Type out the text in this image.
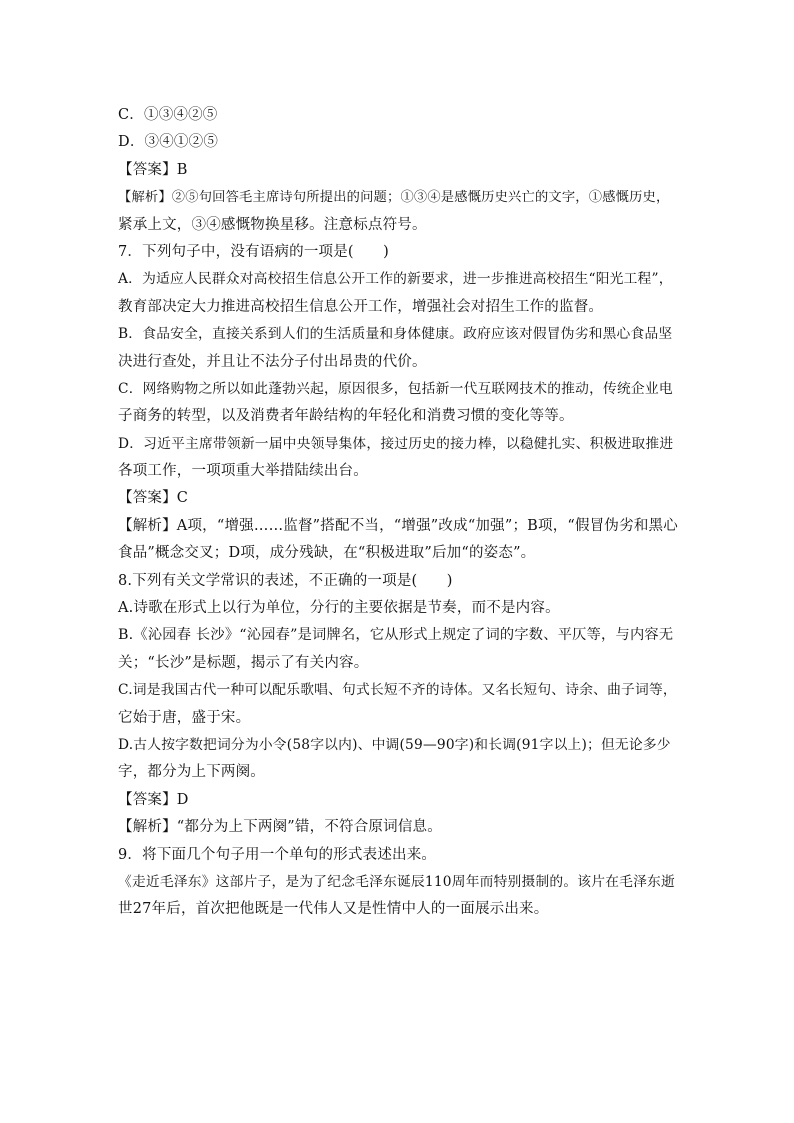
C．①③④②⑤
D．③④①②⑤
【答案】B
【解析】②⑤句回答毛主席诗句所提出的问题；①③④是感慨历史兴亡的文字，①感慨历史，
紧承上文，③④感慨物换星移。注意标点符号。
7．下列句子中，没有语病的一项是(　　)
A．为适应人民群众对高校招生信息公开工作的新要求，进一步推进高校招生“阳光工程”，
教育部决定大力推进高校招生信息公开工作，增强社会对招生工作的监督。
B．食品安全，直接关系到人们的生活质量和身体健康。政府应该对假冒伪劣和黑心食品坚
决进行查处，并且让不法分子付出昂贵的代价。
C．网络购物之所以如此蓬勃兴起，原因很多，包括新一代互联网技术的推动，传统企业电
子商务的转型，以及消费者年龄结构的年轻化和消费习惯的变化等等。
D．习近平主席带领新一届中央领导集体，接过历史的接力棒，以稳健扎实、积极进取推进
各项工作，一项项重大举措陆续出台。
【答案】C
【解析】A项，“增强……监督”搭配不当，“增强”改成“加强”；B项，“假冒伪劣和黑心
食品”概念交叉；D项，成分残缺，在“积极进取”后加“的姿态”。
8.下列有关文学常识的表述，不正确的一项是(　　)
A.诗歌在形式上以行为单位，分行的主要依据是节奏，而不是内容。
B.《沁园春 长沙》“沁园春”是词牌名，它从形式上规定了词的字数、平仄等，与内容无
关；“长沙”是标题，揭示了有关内容。
C.词是我国古代一种可以配乐歌唱、句式长短不齐的诗体。又名长短句、诗余、曲子词等，
它始于唐，盛于宋。
D.古人按字数把词分为小令(58字以内)、中调(59—90字)和长调(91字以上)；但无论多少
字，都分为上下两阕。
【答案】D
【解析】“都分为上下两阕”错，不符合原词信息。
9．将下面几个句子用一个单句的形式表述出来。
《走近毛泽东》这部片子，是为了纪念毛泽东诞辰110周年而特别摄制的。该片在毛泽东逝
世27年后，首次把他既是一代伟人又是性情中人的一面展示出来。
